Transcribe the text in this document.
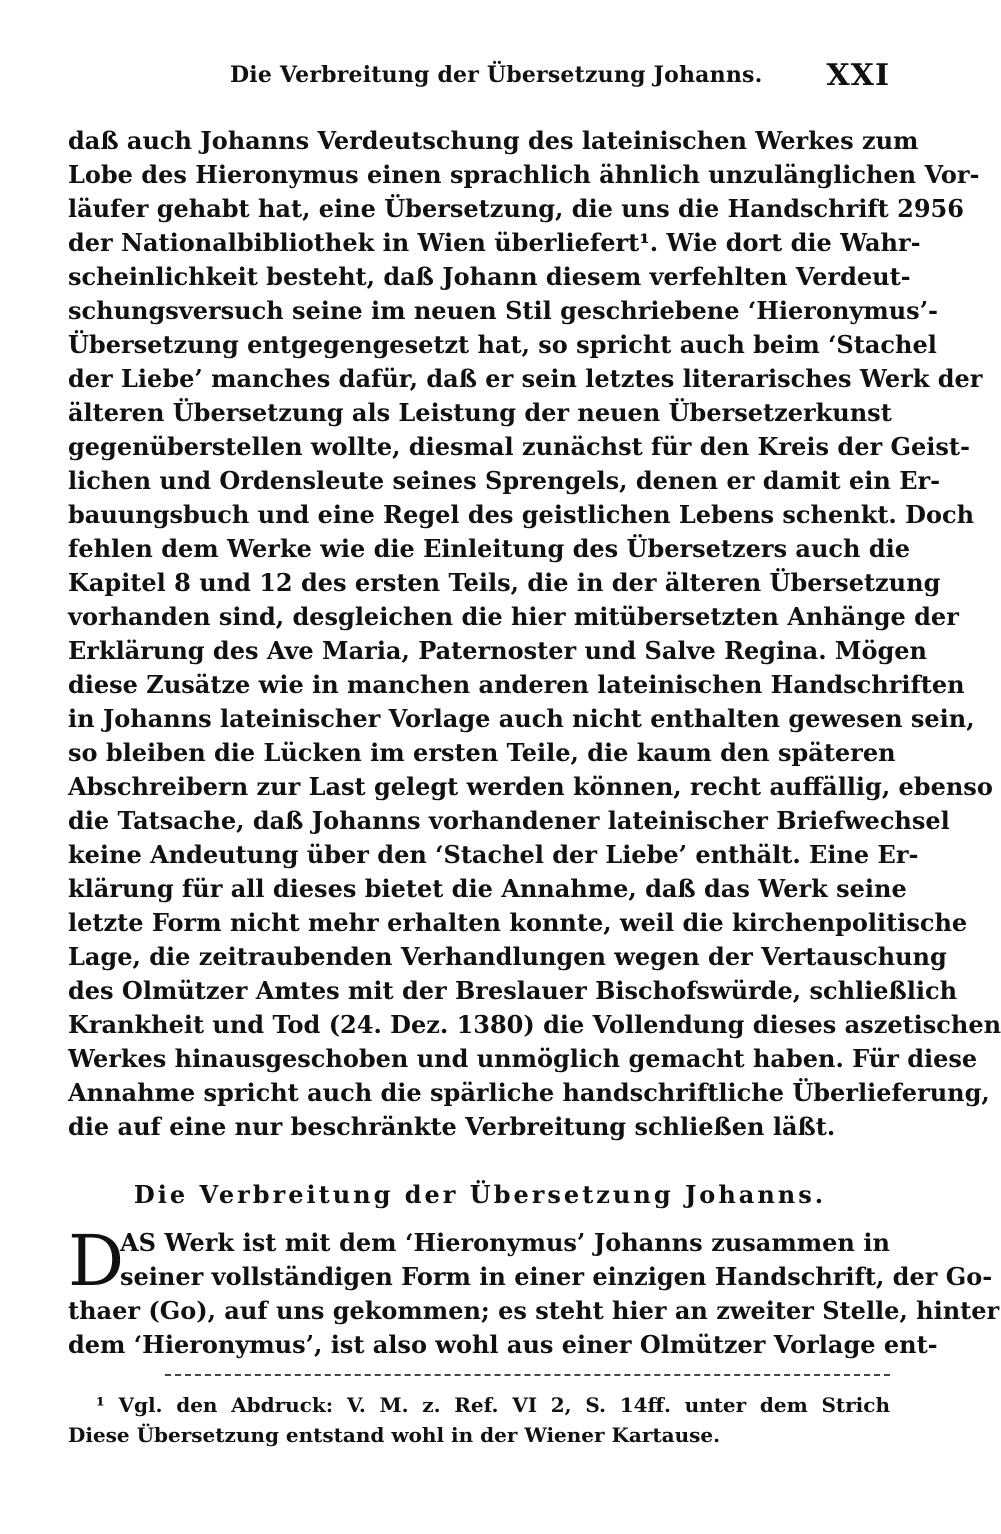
Die Verbreitung der Übersetzung Johanns. XXI
daß auch Johanns Verdeutschung des lateinischen Werkes zum
Lobe des Hieronymus einen sprachlich ähnlich unzulänglichen Vor-
läufer gehabt hat, eine Übersetzung, die uns die Handschrift 2956
der Nationalbibliothek in Wien überliefert¹. Wie dort die Wahr-
scheinlichkeit besteht, daß Johann diesem verfehlten Verdeut-
schungsversuch seine im neuen Stil geschriebene ‘Hieronymus’-
Übersetzung entgegengesetzt hat, so spricht auch beim ‘Stachel
der Liebe’ manches dafür, daß er sein letztes literarisches Werk der
älteren Übersetzung als Leistung der neuen Übersetzerkunst
gegenüberstellen wollte, diesmal zunächst für den Kreis der Geist-
lichen und Ordensleute seines Sprengels, denen er damit ein Er-
bauungsbuch und eine Regel des geistlichen Lebens schenkt. Doch
fehlen dem Werke wie die Einleitung des Übersetzers auch die
Kapitel 8 und 12 des ersten Teils, die in der älteren Übersetzung
vorhanden sind, desgleichen die hier mitübersetzten Anhänge der
Erklärung des Ave Maria, Paternoster und Salve Regina. Mögen
diese Zusätze wie in manchen anderen lateinischen Handschriften
in Johanns lateinischer Vorlage auch nicht enthalten gewesen sein,
so bleiben die Lücken im ersten Teile, die kaum den späteren
Abschreibern zur Last gelegt werden können, recht auffällig, ebenso
die Tatsache, daß Johanns vorhandener lateinischer Briefwechsel
keine Andeutung über den ‘Stachel der Liebe’ enthält. Eine Er-
klärung für all dieses bietet die Annahme, daß das Werk seine
letzte Form nicht mehr erhalten konnte, weil die kirchenpolitische
Lage, die zeitraubenden Verhandlungen wegen der Vertauschung
des Olmützer Amtes mit der Breslauer Bischofswürde, schließlich
Krankheit und Tod (24. Dez. 1380) die Vollendung dieses aszetischen
Werkes hinausgeschoben und unmöglich gemacht haben. Für diese
Annahme spricht auch die spärliche handschriftliche Überlieferung,
die auf eine nur beschränkte Verbreitung schließen läßt.
Die Verbreitung der Übersetzung Johanns.
D
AS Werk ist mit dem ‘Hieronymus’ Johanns zusammen in
seiner vollständigen Form in einer einzigen Handschrift, der Go-
thaer (Go), auf uns gekommen; es steht hier an zweiter Stelle, hinter
dem ‘Hieronymus’, ist also wohl aus einer Olmützer Vorlage ent-
¹ Vgl. den Abdruck: V. M. z. Ref. VI 2, S. 14ff. unter dem Strich
Diese Übersetzung entstand wohl in der Wiener Kartause.
